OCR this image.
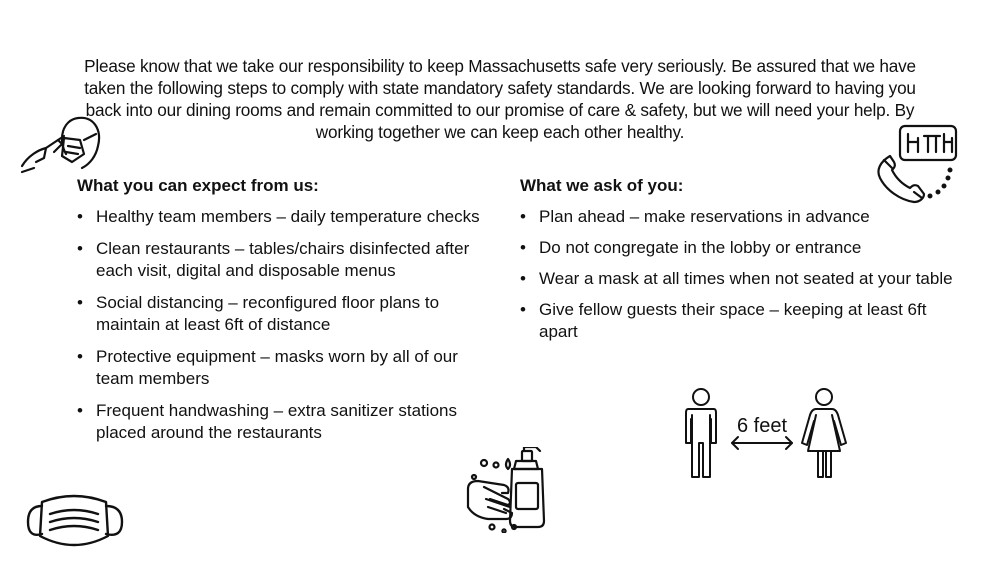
Please know that we take our responsibility to keep Massachusetts safe very seriously. Be assured that we have taken the following steps to comply with state mandatory safety standards. We are looking forward to having you back into our dining rooms and remain committed to our promise of care & safety, but we will need your help. By working together we can keep each other healthy.

What you can expect from us:
• Healthy team members – daily temperature checks
• Clean restaurants – tables/chairs disinfected after each visit, digital and disposable menus
• Social distancing – reconfigured floor plans to maintain at least 6ft of distance
• Protective equipment – masks worn by all of our team members
• Frequent handwashing – extra sanitizer stations placed around the restaurants
What we ask of you:
• Plan ahead – make reservations in advance
• Do not congregate in the lobby or entrance
• Wear a mask at all times when not seated at your table
• Give fellow guests their space – keeping at least 6ft apart
6 feet
